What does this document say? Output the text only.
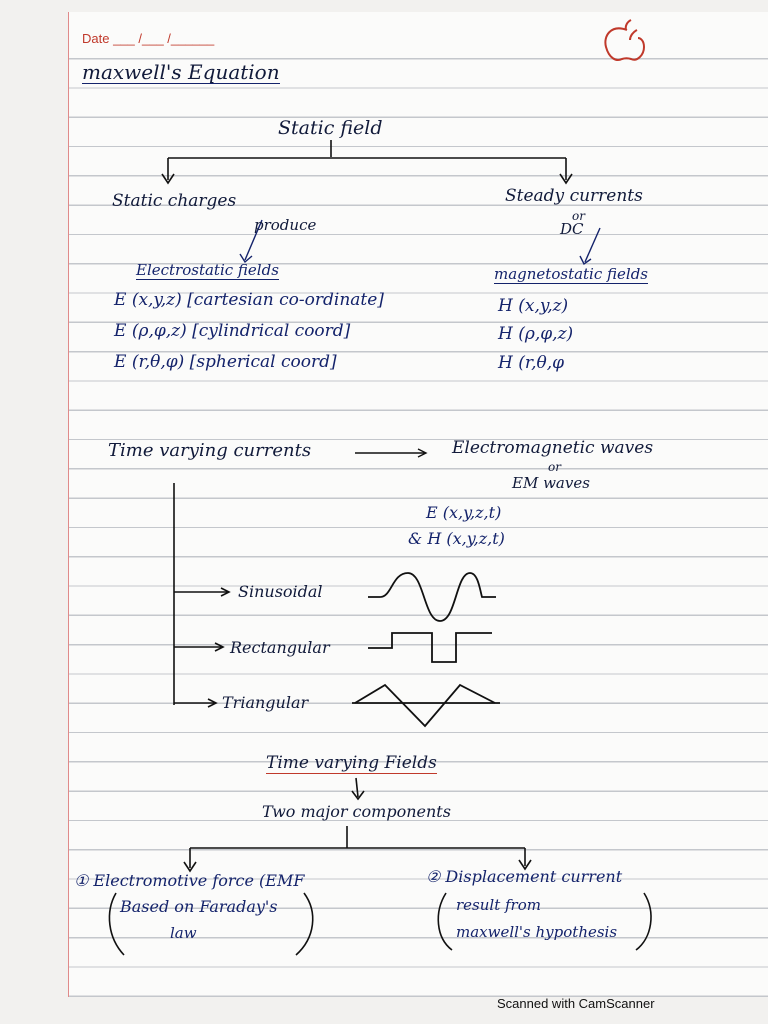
Date ___ /___ /______
maxwell's Equation
Static field
Static charges
produce
Electrostatic fields
E (x,y,z) [cartesian co-ordinate]
E (ρ,φ,z) [cylindrical coord]
E (r,θ,φ) [spherical coord]
Steady currents
or
DC
magnetostatic fields
H (x,y,z)
H (ρ,φ,z)
H (r,θ,φ
Time varying currents	Electromagnetic waves
or
EM waves
E (x,y,z,t)
& H (x,y,z,t)
Sinusoidal
Rectangular
Triangular
Time varying Fields
Two major components
① Electromotive force (EMF
Based on Faraday's
law
② Displacement current
result from
maxwell's hypothesis
Scanned with CamScanner
